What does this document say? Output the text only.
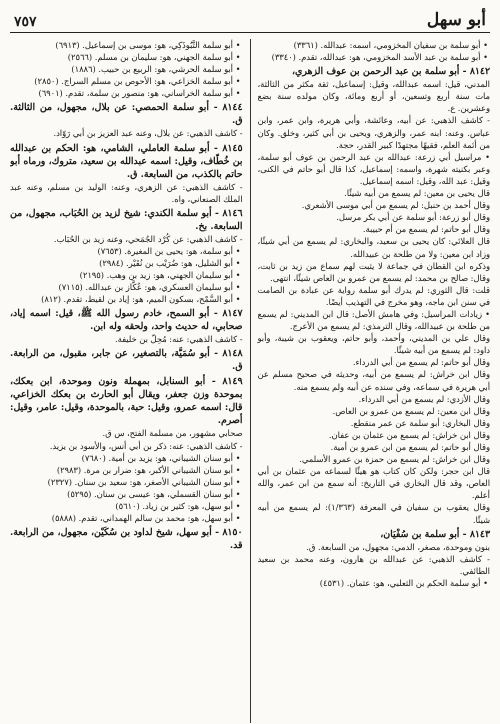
أبو سهل
٧٥٧

• أبو سلمة بن سفيان المخزومي، اسمه: عبدالله. (٣٣٦١)

• أبو سلمة بن عبد الأسد المخزومي، هو: عبدالله، تقدم. (٣٣٤٠)

٨١٤٢ - أبو سلمة بن عبد الرحمن بن عوف الزهري،

المدني، قيل: اسمه عبدالله، وقيل: إسماعيل، ثقة مكثر من الثالثة، مات سنة أربع وتسعين، أو أربع ومائة، وكان مولده سنة بضع وعشرين. ع.

- كاشف الذهبي: عن أبيه، وعائشة، وأبي هريرة، وابن عمر، وابن عباس. وعنه: ابنه عمر، والزهري، ويحيى بن أبي كثير، وخلق. وكان من أئمة العلم، فقيهًا مجتهدًا كبير القدر، حجة.

• مراسيل أبي زرعة: عبدالله بن عبد الرحمن بن عوف أبو سلمة، وعبر بكنيته شهرة، واسمه: إسماعيل، كذا قال أبو حاتم في الكنى، وقيل: عبد الله، وقيل: اسمه إسماعيل.

قال يحيى بن معين: لم يسمع من أبيه شيئًا.

وقال أحمد بن حنبل: لم يسمع من أبي موسى الأشعري.

وقال أبو زرعة: أبو سلمة عن أبي بكر مرسل.

وقال أبو حاتم: لم يسمع من أم حبيبة.

قال العلائي: كان يحيى بن سعيد، والبخاري: لم يسمع من أبي شيئًا، وزاد ابن معين: ولا من طلحة بن عبيدالله.

وذكره ابن القطان في جماعة لا يثبت لهم سماع من زيد بن ثابت، وقال: صالح بن محمد: لم يسمع من عمرو بن العاص شيئًا، انتهى.

قلت: قال الثوري: لم يدرك أبو سلمة رواية عن عبادة بن الصامت في سنن ابن ماجه، وهو مخرج في التهذيب أيضًا.

• زيادات المراسيل: وفي هامش الأصل: قال ابن المديني: لم يسمع من طلحة بن عبيدالله، وقال الترمذي: لم يسمع من الأعرج.

وقال علي بن المديني، وأحمد، وأبو حاتم، ويعقوب بن شيبة، وأبو داود: لم يسمع من أبيه شيئًا.

وقال أبو حاتم: لم يسمع من أبي الدرداء.

وقال ابن خراش: لم يسمع من أبيه، وحديثه في صحيح مسلم عن أبي هريرة في سماعه، وفي سنده عن أبيه ولم يسمع منه.

وقال الأزدي: لم يسمع من أبي الدرداء.

وقال ابن معين: لم يسمع من عمرو بن العاص.

وقال البخاري: أبو سلمة عن عمر منقطع.

وقال ابن خراش: لم يسمع من عثمان بن عفان.

وقال أبو حاتم: لم يسمع من ابن عمرو بن أمية.

وقال ابن خراش: لم يسمع من حمزة بن عمرو الأسلمي.

قال ابن حجر: ولكن كان كتاب هو هيئًا لسماعه من عثمان بن أبي العاص، وقد قال البخاري في التاريخ: أنه سمع من ابن عمر، والله أعلم.

وقال يعقوب بن سفيان في المعرفة (١/٣٦٣): لم يسمع من أبيه شيئًا.

٨١٤٣ - أبو سلمة بن سُفْيَان،

بنون وموحدة، مصغر، الدمي: مجهول، من السابعة. ق.

- كاشف الذهبي: عن عبدالله بن هارون، وعنه محمد بن سعيد الطائفي.

• أبو سلمة الحكم بن الثعلبي، هو: عثمان. (٤٥٣١)

• أبو سلمة التَّبُوذَكِي، هو: موسى بن إسماعيل. (٦٩١٣)

• أبو سلمة الجهني، هو: سليمان بن مسلم. (٢٥٦٦)

• أبو سلمة الحرشي، هو: الربيع بن حبيب. (١٨٨٦)

• أبو سلمة الخزاعي، هو: الأحوص بن مسلم السراج. (٢٨٥٠)

• أبو سلمة الخراساني، هو: منصور بن سلمة، تقدم. (٦٩٠١)

٨١٤٤ - أبو سلمة الحمصي: عن بلال، مجهول، من الثالثة. ق.

- كاشف الذهبي: عن بلال، وعنه عبد العزيز بن أبي رَوّاد.

٨١٤٥ - أبو سلمة العاملي، الشامي، هو: الحكم بن عبدالله بن خُطّاف، وقيل: اسمه عبدالله بن سعيد، متروك، ورماه أبو حاتم بالكذب، من السابعة. ق.

- كاشف الذهبي: عن الزهري، وعنه: الوليد بن مسلم، وعنه عبد الملك الصنعاني، واه.

٨١٤٦ - أبو سلمة الكندي: شيخ لزيد بن الحُبَاب، مجهول، من السابعة. بخ.

- كاشف الذهبي: عن كُرْد الجُمَحي، وعنه زيد بن الحُبَاب.

• أبو سلمة، هو: يحيى بن المغيرة. (٧٦٥٣)

• أبو الشليل، هو: ضُرَيْب بن نُقَيْر. (٢٩٨٤)

• أبو سليمان الجهني، هو: زيد بن وهب. (٢١٩٥)

• أبو سليمان العسكري، هو: عُكَّاز بن عبدالله. (٧١١٥)

• أبو السَّمْح، بسكون الميم، هو: إياد بن لقيط، تقدم. (٨١٢)

٨١٤٧ - أبو السمح، خادم رسول الله ﷺ، قيل: اسمه إياد، صحابي، له حديث واحد، ولحقه وله ابن.

- كاشف الذهبي: عنه: مُحِلّ بن خليفة.

٨١٤٨ - أبو سُمَيَّة، بالتصغير، عن جابر، مقبول، من الرابعة. ق.

٨١٤٩ - أبو السنابل، بمهملة ونون وموحدة، ابن بعكك، بموحدة وزن جعفر، ويقال أبو الحارث بن بعكك الخزاعي، قال: اسمه عمرو، وقيل: حبة، بالموحدة، وقيل: عامر، وقيل: أصرم.

صحابي مشهور، من مسلمة الفتح، س ق.

- كاشف الذهبي: عنه: ذكر بن أبي أنس، والأسود بن يزيد.

• أبو سنان الشيباني، هو: يزيد بن أمية. (٧٦٨٠)

• أبو سنان الشيباني الأكبر، هو: ضرار بن مرة. (٢٩٨٣)

• أبو سنان الشيباني الأصغر، هو: سعيد بن سنان. (٢٣٢٧)

• أبو سنان القسملي، هو: عيسى بن سنان. (٥٢٩٥)

• أبو سهل، هو: كثير بن زياد. (٥٦١٠)

• أبو سهل، هو: محمد بن سالم الهمداني، تقدم. (٥٨٨٨)

٨١٥٠ - أبو سهل، شيخ لداود بن سُكَيْن، مجهول، من الرابعة. قد.
